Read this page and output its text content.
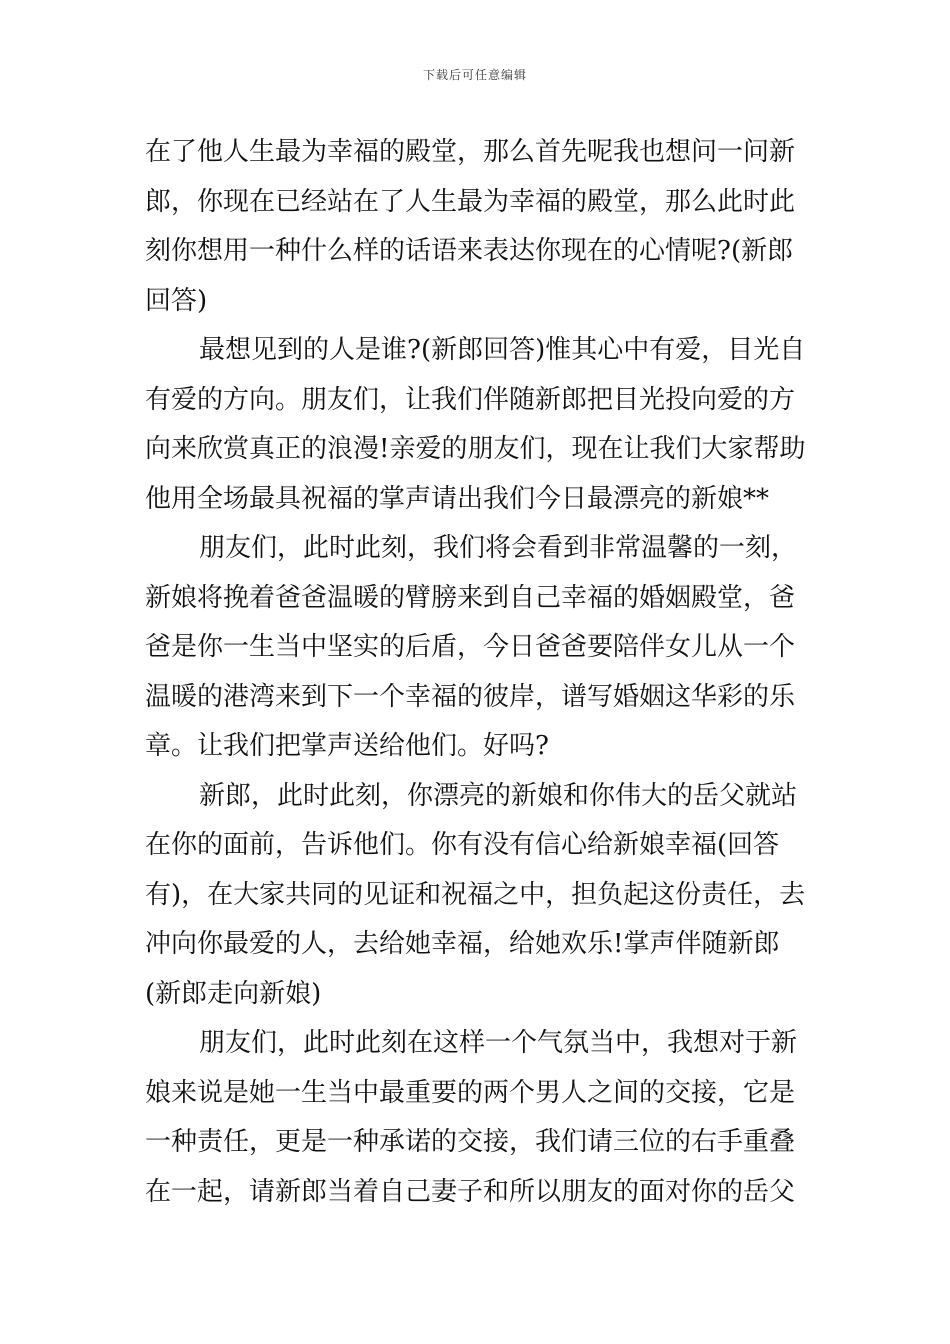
下载后可任意编辑
在了他人生最为幸福的殿堂，那么首先呢我也想问一问新
郎，你现在已经站在了人生最为幸福的殿堂，那么此时此
刻你想用一种什么样的话语来表达你现在的心情呢?(新郎
回答)
最想见到的人是谁?(新郎回答)惟其心中有爱，目光自
有爱的方向。朋友们，让我们伴随新郎把目光投向爱的方
向来欣赏真正的浪漫!亲爱的朋友们，现在让我们大家帮助
他用全场最具祝福的掌声请出我们今日最漂亮的新娘**
朋友们，此时此刻，我们将会看到非常温馨的一刻，
新娘将挽着爸爸温暖的臂膀来到自己幸福的婚姻殿堂，爸
爸是你一生当中坚实的后盾，今日爸爸要陪伴女儿从一个
温暖的港湾来到下一个幸福的彼岸，谱写婚姻这华彩的乐
章。让我们把掌声送给他们。好吗?
新郎，此时此刻，你漂亮的新娘和你伟大的岳父就站
在你的面前，告诉他们。你有没有信心给新娘幸福(回答
有)，在大家共同的见证和祝福之中，担负起这份责任，去
冲向你最爱的人，去给她幸福，给她欢乐!掌声伴随新郎
(新郎走向新娘)
朋友们，此时此刻在这样一个气氛当中，我想对于新
娘来说是她一生当中最重要的两个男人之间的交接，它是
一种责任，更是一种承诺的交接，我们请三位的右手重叠
在一起，请新郎当着自己妻子和所以朋友的面对你的岳父
